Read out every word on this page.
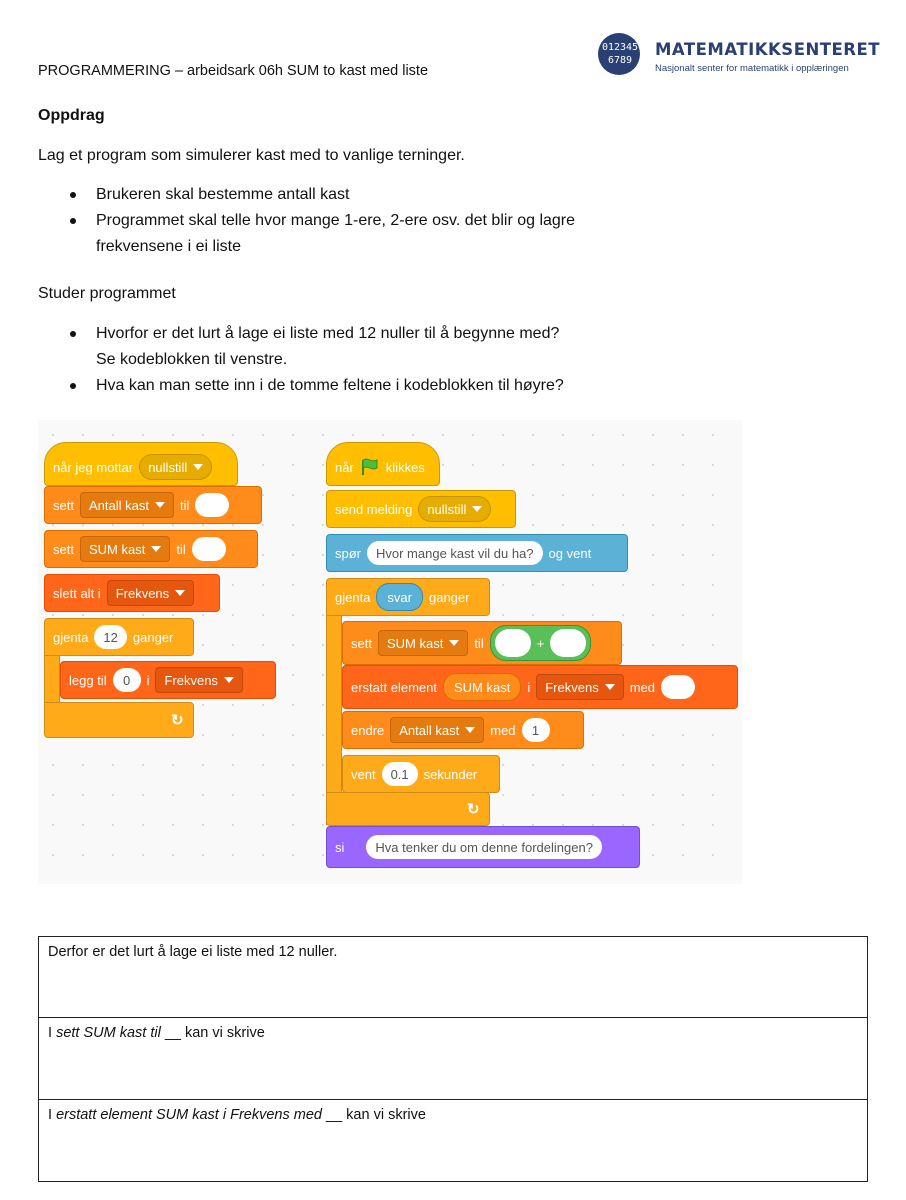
PROGRAMMERING – arbeidsark 06h SUM to kast med liste
0123456789
MATEMATIKKSENTERET
Nasjonalt senter for matematikk i opplæringen
Oppdrag
Lag et program som simulerer kast med to vanlige terninger.
Brukeren skal bestemme antall kast
Programmet skal telle hvor mange 1-ere, 2-ere osv. det blir og lagre
frekvensene i ei liste
Studer programmet
Hvorfor er det lurt å lage ei liste med 12 nuller til å begynne med?
Se kodeblokken til venstre.
Hva kan man sette inn i de tomme feltene i kodeblokken til høyre?
når jeg mottar nullstill
sett Antall kast til
sett SUM kast til
slett alt i Frekvens
gjenta	12	ganger
legg til	0	i Frekvens
↻
når klikkes
send melding nullstill
spør	Hvor mange kast vil du ha?	og vent
gjenta	svar	ganger
sett SUM kast til	+
erstatt element	SUM kast	i Frekvens med
endre Antall kast med	1
vent	0.1	sekunder
↻
si	Hva tenker du om denne fordelingen?
Derfor er det lurt å lage ei liste med 12 nuller.
I sett SUM kast til __ kan vi skrive
I erstatt element SUM kast i Frekvens med __ kan vi skrive
